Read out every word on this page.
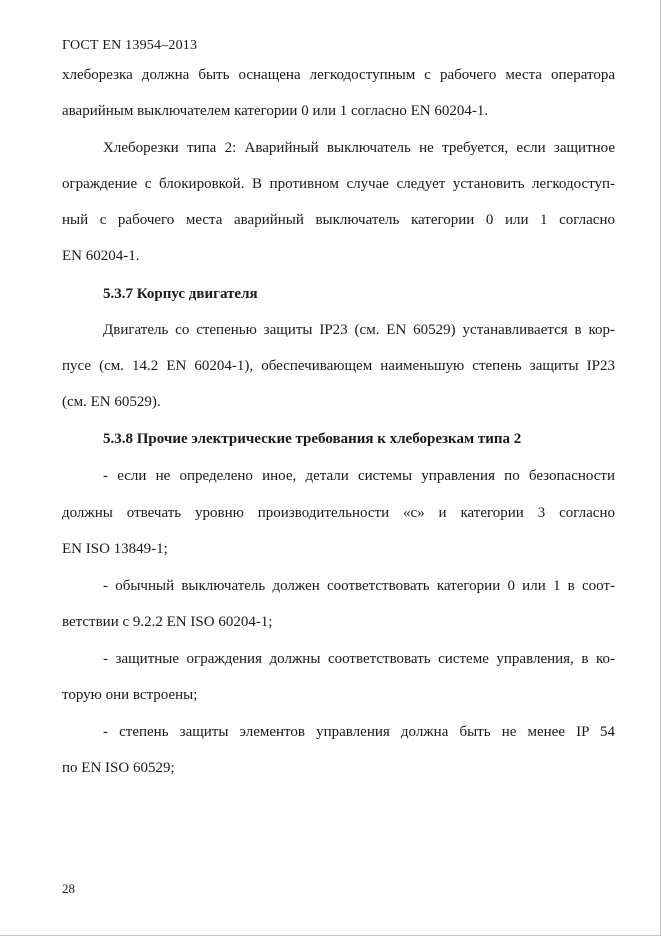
ГОСТ EN 13954–2013
хлеборезка должна быть оснащена легкодоступным с рабочего места оператора
аварийным выключателем категории 0 или 1 согласно EN 60204-1.
Хлеборезки типа 2: Аварийный выключатель не требуется, если защитное
ограждение с блокировкой. В противном случае следует установить легкодоступ-
ный с рабочего места аварийный выключатель категории 0 или 1 согласно
EN 60204-1.
5.3.7 Корпус двигателя
Двигатель со степенью защиты IP23 (см. EN 60529) устанавливается в кор-
пусе (см. 14.2 EN 60204-1), обеспечивающем наименьшую степень защиты IP23
(см. EN 60529).
5.3.8 Прочие электрические требования к хлеборезкам типа 2
- если не определено иное, детали системы управления по безопасности
должны отвечать уровню производительности «c» и категории 3 согласно
EN ISO 13849-1;
- обычный выключатель должен соответствовать категории 0 или 1 в соот-
ветствии с 9.2.2 EN ISO 60204-1;
- защитные ограждения должны соответствовать системе управления, в ко-
торую они встроены;
- степень защиты элементов управления должна быть не менее IP 54
по EN ISO 60529;
28
